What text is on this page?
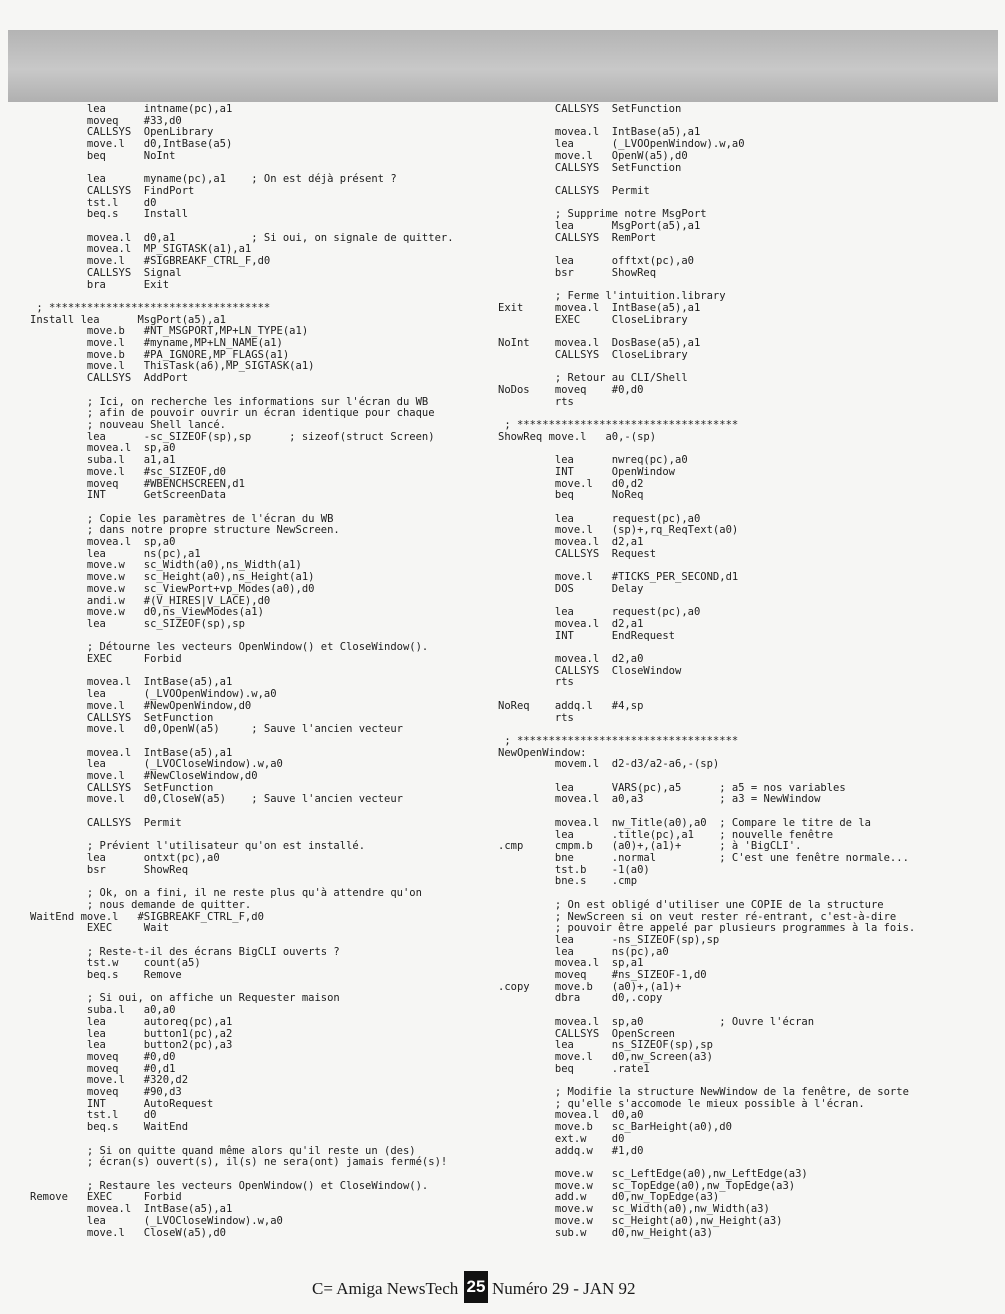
lea      intname(pc),a1
moveq    #33,d0
CALLSYS  OpenLibrary
move.l   d0,IntBase(a5)
beq      NoInt

lea      myname(pc),a1    ; On est déjà présent ?
CALLSYS  FindPort
tst.l    d0
beq.s    Install

movea.l  d0,a1            ; Si oui, on signale de quitter.
movea.l  MP_SIGTASK(a1),a1
move.l   #SIGBREAKF_CTRL_F,d0
CALLSYS  Signal
bra      Exit

; ***********************************
Install lea      MsgPort(a5),a1
move.b   #NT_MSGPORT,MP+LN_TYPE(a1)
move.l   #myname,MP+LN_NAME(a1)
move.b   #PA_IGNORE,MP_FLAGS(a1)
move.l   ThisTask(a6),MP_SIGTASK(a1)
CALLSYS  AddPort

; Ici, on recherche les informations sur l'écran du WB
; afin de pouvoir ouvrir un écran identique pour chaque
; nouveau Shell lancé.
lea      -sc_SIZEOF(sp),sp      ; sizeof(struct Screen)
movea.l  sp,a0
suba.l   a1,a1
move.l   #sc_SIZEOF,d0
moveq    #WBENCHSCREEN,d1
INT      GetScreenData

; Copie les paramètres de l'écran du WB
; dans notre propre structure NewScreen.
movea.l  sp,a0
lea      ns(pc),a1
move.w   sc_Width(a0),ns_Width(a1)
move.w   sc_Height(a0),ns_Height(a1)
move.w   sc_ViewPort+vp_Modes(a0),d0
andi.w   #(V_HIRES|V_LACE),d0
move.w   d0,ns_ViewModes(a1)
lea      sc_SIZEOF(sp),sp

; Détourne les vecteurs OpenWindow() et CloseWindow().
EXEC     Forbid

movea.l  IntBase(a5),a1
lea      (_LVOOpenWindow).w,a0
move.l   #NewOpenWindow,d0
CALLSYS  SetFunction
move.l   d0,OpenW(a5)     ; Sauve l'ancien vecteur

movea.l  IntBase(a5),a1
lea      (_LVOCloseWindow).w,a0
move.l   #NewCloseWindow,d0
CALLSYS  SetFunction
move.l   d0,CloseW(a5)    ; Sauve l'ancien vecteur

CALLSYS  Permit

; Prévient l'utilisateur qu'on est installé.
lea      ontxt(pc),a0
bsr      ShowReq

; Ok, on a fini, il ne reste plus qu'à attendre qu'on
; nous demande de quitter.
WaitEnd move.l   #SIGBREAKF_CTRL_F,d0
EXEC     Wait

; Reste-t-il des écrans BigCLI ouverts ?
tst.w    count(a5)
beq.s    Remove

; Si oui, on affiche un Requester maison
suba.l   a0,a0
lea      autoreq(pc),a1
lea      button1(pc),a2
lea      button2(pc),a3
moveq    #0,d0
moveq    #0,d1
move.l   #320,d2
moveq    #90,d3
INT      AutoRequest
tst.l    d0
beq.s    WaitEnd

; Si on quitte quand même alors qu'il reste un (des)
; écran(s) ouvert(s), il(s) ne sera(ont) jamais fermé(s)!

; Restaure les vecteurs OpenWindow() et CloseWindow().
Remove   EXEC     Forbid
movea.l  IntBase(a5),a1
lea      (_LVOCloseWindow).w,a0
move.l   CloseW(a5),d0
CALLSYS  SetFunction

movea.l  IntBase(a5),a1
lea      (_LVOOpenWindow).w,a0
move.l   OpenW(a5),d0
CALLSYS  SetFunction

CALLSYS  Permit

; Supprime notre MsgPort
lea      MsgPort(a5),a1
CALLSYS  RemPort

lea      offtxt(pc),a0
bsr      ShowReq

; Ferme l'intuition.library
Exit     movea.l  IntBase(a5),a1
EXEC     CloseLibrary

NoInt    movea.l  DosBase(a5),a1
CALLSYS  CloseLibrary

; Retour au CLI/Shell
NoDos    moveq    #0,d0
rts

; ***********************************
ShowReq move.l   a0,-(sp)

lea      nwreq(pc),a0
INT      OpenWindow
move.l   d0,d2
beq      NoReq

lea      request(pc),a0
move.l   (sp)+,rq_ReqText(a0)
movea.l  d2,a1
CALLSYS  Request

move.l   #TICKS_PER_SECOND,d1
DOS      Delay

lea      request(pc),a0
movea.l  d2,a1
INT      EndRequest

movea.l  d2,a0
CALLSYS  CloseWindow
rts

NoReq    addq.l   #4,sp
rts

; ***********************************
NewOpenWindow:
movem.l  d2-d3/a2-a6,-(sp)

lea      VARS(pc),a5      ; a5 = nos variables
movea.l  a0,a3            ; a3 = NewWindow

movea.l  nw_Title(a0),a0  ; Compare le titre de la
lea      .title(pc),a1    ; nouvelle fenêtre
.cmp     cmpm.b   (a0)+,(a1)+      ; à 'BigCLI'.
bne      .normal          ; C'est une fenêtre normale...
tst.b    -1(a0)
bne.s    .cmp

; On est obligé d'utiliser une COPIE de la structure
; NewScreen si on veut rester ré-entrant, c'est-à-dire
; pouvoir être appelé par plusieurs programmes à la fois.
lea      -ns_SIZEOF(sp),sp
lea      ns(pc),a0
movea.l  sp,a1
moveq    #ns_SIZEOF-1,d0
.copy    move.b   (a0)+,(a1)+
dbra     d0,.copy

movea.l  sp,a0            ; Ouvre l'écran
CALLSYS  OpenScreen
lea      ns_SIZEOF(sp),sp
move.l   d0,nw_Screen(a3)
beq      .rate1

; Modifie la structure NewWindow de la fenêtre, de sorte
; qu'elle s'accomode le mieux possible à l'écran.
movea.l  d0,a0
move.b   sc_BarHeight(a0),d0
ext.w    d0
addq.w   #1,d0

move.w   sc_LeftEdge(a0),nw_LeftEdge(a3)
move.w   sc_TopEdge(a0),nw_TopEdge(a3)
add.w    d0,nw_TopEdge(a3)
move.w   sc_Width(a0),nw_Width(a3)
move.w   sc_Height(a0),nw_Height(a3)
sub.w    d0,nw_Height(a3)
C= Amiga NewsTech 25 Numéro 29 - JAN 92
